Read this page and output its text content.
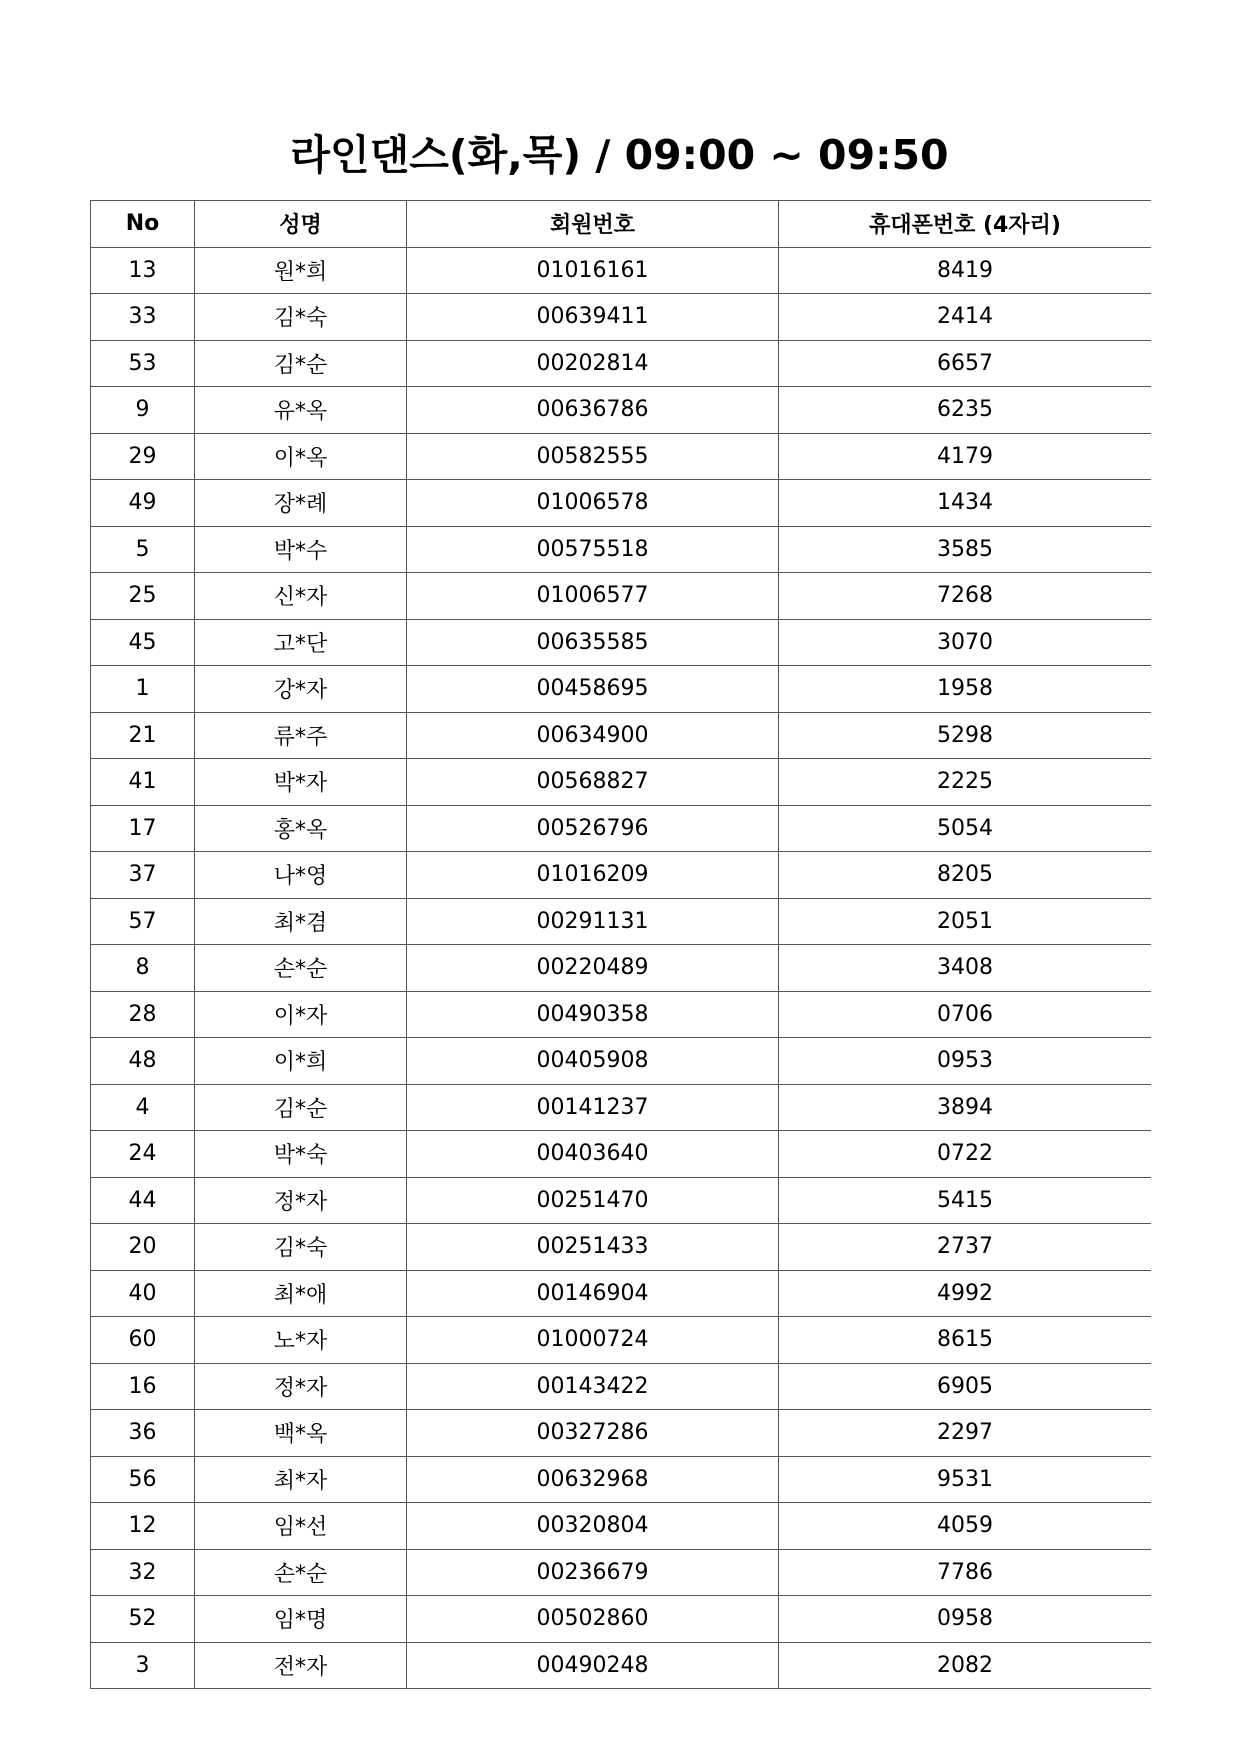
라인댄스(화,목) / 09:00 ~ 09:50
No	성명	회원번호	휴대폰번호 (4자리)
13	원*희	01016161	8419
33	김*숙	00639411	2414
53	김*순	00202814	6657
9	유*옥	00636786	6235
29	이*옥	00582555	4179
49	장*례	01006578	1434
5	박*수	00575518	3585
25	신*자	01006577	7268
45	고*단	00635585	3070
1	강*자	00458695	1958
21	류*주	00634900	5298
41	박*자	00568827	2225
17	홍*옥	00526796	5054
37	나*영	01016209	8205
57	최*겸	00291131	2051
8	손*순	00220489	3408
28	이*자	00490358	0706
48	이*희	00405908	0953
4	김*순	00141237	3894
24	박*숙	00403640	0722
44	정*자	00251470	5415
20	김*숙	00251433	2737
40	최*애	00146904	4992
60	노*자	01000724	8615
16	정*자	00143422	6905
36	백*옥	00327286	2297
56	최*자	00632968	9531
12	임*선	00320804	4059
32	손*순	00236679	7786
52	임*명	00502860	0958
3	전*자	00490248	2082
